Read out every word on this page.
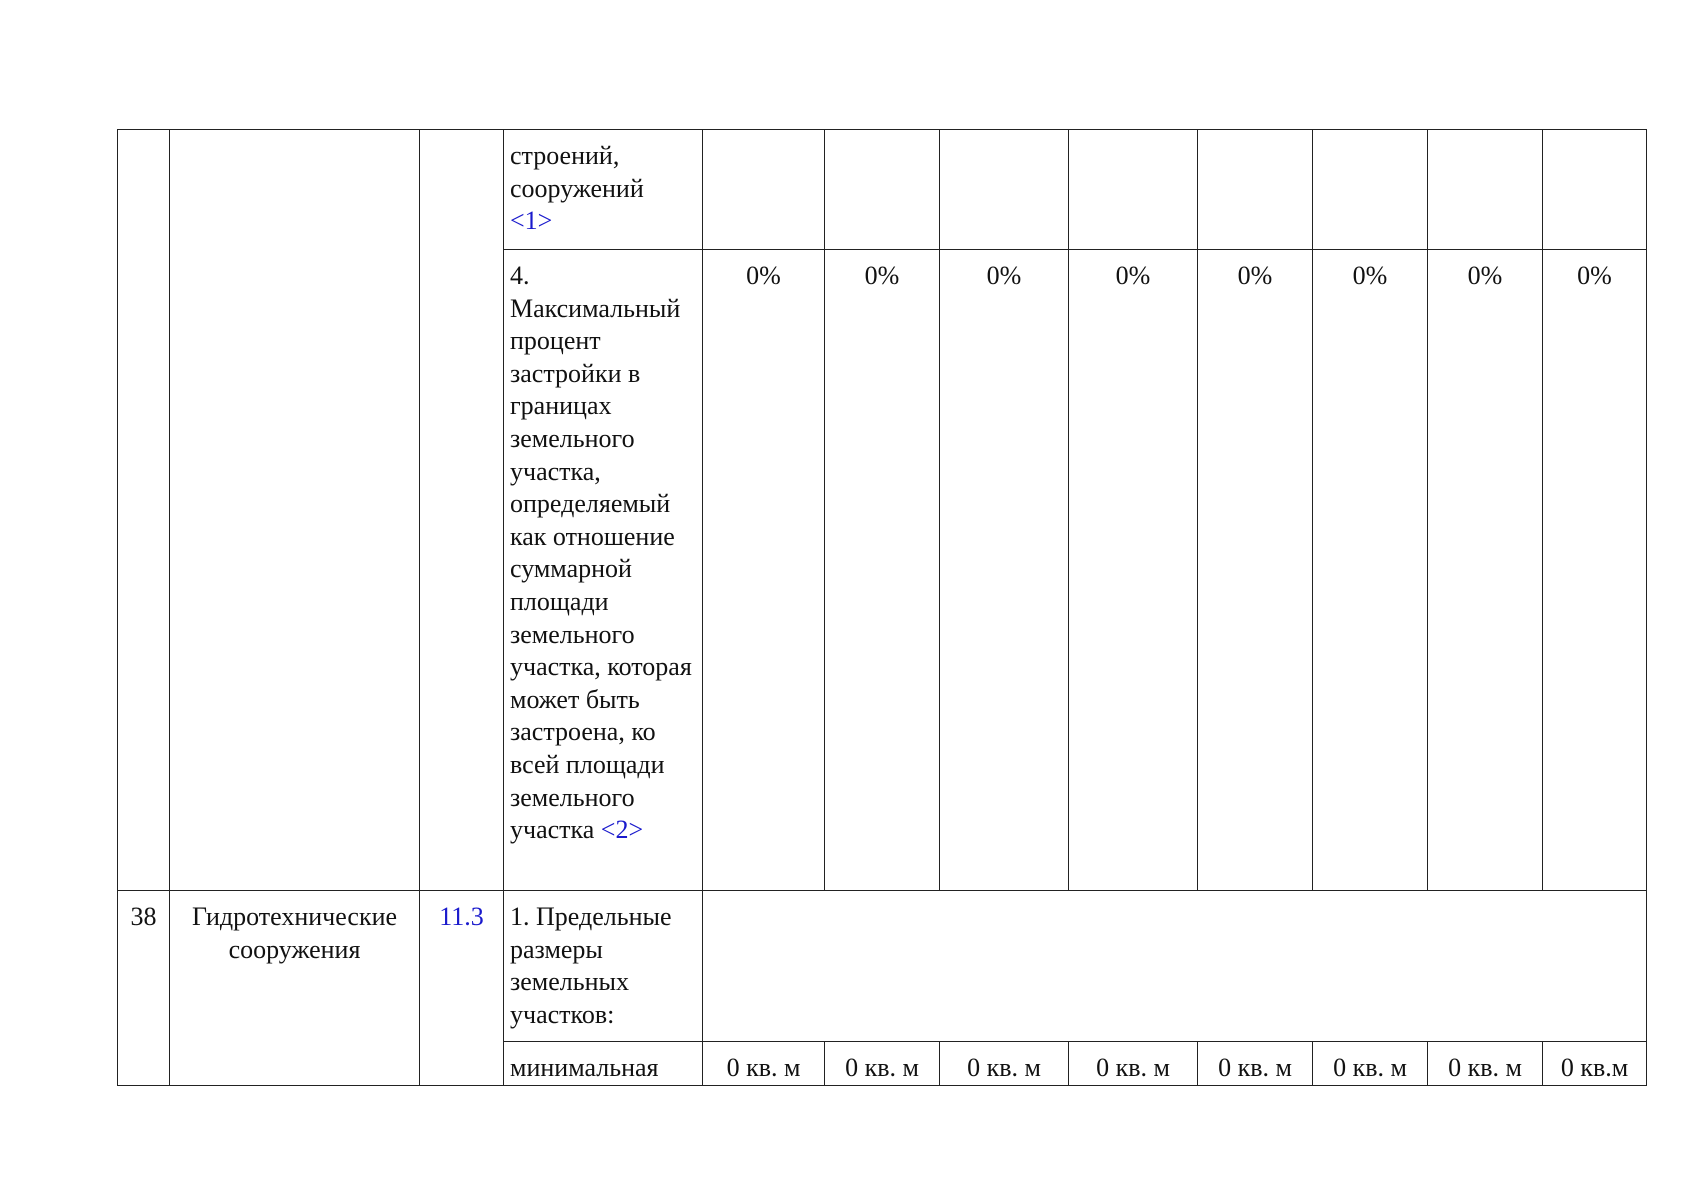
			строений, сооружений
<1>								
			4. Максимальный процент застройки в границах земельного участка, определяемый как отношение суммарной площади земельного участка, которая может быть застроена, ко всей площади земельного участка <2>	0%	0%	0%	0%	0%	0%	0%	0%
38	Гидротехнические сооружения	11.3	1. Предельные размеры земельных участков:								
			минимальная	0 кв. м	0 кв. м	0 кв. м	0 кв. м	0 кв. м	0 кв. м	0 кв. м	0 кв.м
